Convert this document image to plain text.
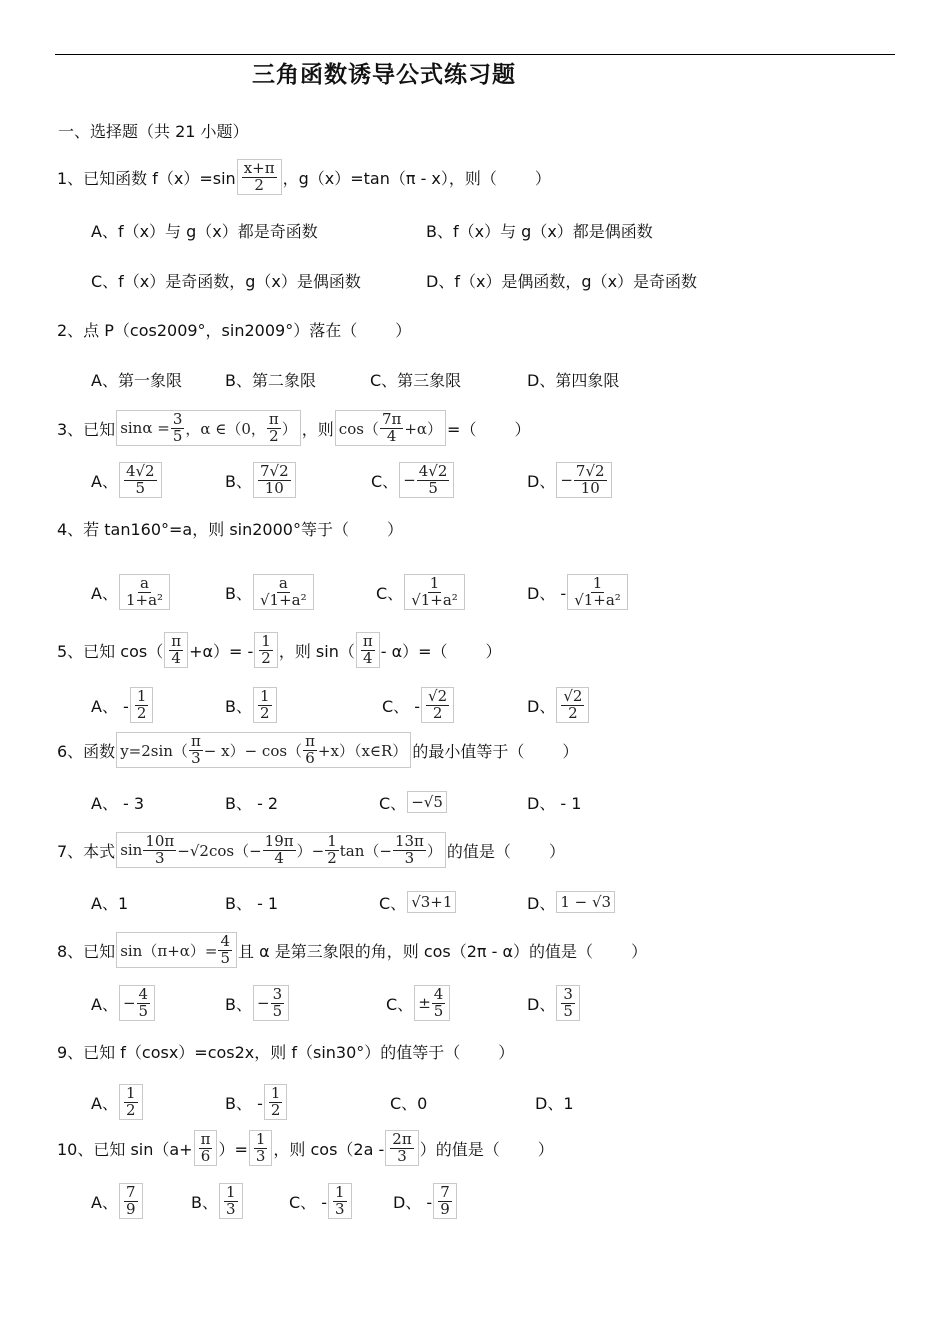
三角函数诱导公式练习题
一、选择题（共 21 小题）
1、已知函数 $f(x)=\sin \frac{x+\pi}{2}$ ，g（x）=tan（π - x），则（ ）
A、f（x）与 g（x）都是奇函数	B、f（x）与 g（x）都是偶函数
C、f（x）是奇函数，g（x）是偶函数	D、f（x）是偶函数，g（x）是奇函数
2、点 P（cos2009°，sin2009°）落在（ ）
A、第一象限	B、第二象限	C、第三象限	D、第四象限
3、已知 $\sin\alpha = \frac{3}{5}$ ，α ∈（0， $\frac{\pi}{2}$ ） ，则 $\cos( \frac{7\pi}{4} +\alpha)$ =（ ）
A、 $\frac{4√2}{5}$	B、 $\frac{7√2}{10}$	C、 − $\frac{4√2}{5}$	D、 − $\frac{7√2}{10}$
4、若 tan160°=a，则 sin2000°等于（ ）
A、 $\frac{a}{\text{1+a²}}$	B、 $\frac{a}{\text{√1+a²}}$	C、 $\frac{1}{\text{√1+a²}}$	D、 - $\frac{1}{\text{√1+a²}}$
5、已知 $\cos( \frac{\pi}{4} +\alpha)= - \frac{1}{2}$ ，则 $\sin( \frac{\pi}{4} - \alpha)=$（ ）
A、 - $\frac{1}{2}$	B、 $\frac{1}{2}$	C、 - $\frac{√2}{2}$	D、 $\frac{√2}{2}$
6、函数 $y=2\sin( \frac{\pi}{3} - x)- \cos( \frac{\pi}{6}$ +x）（x∈R） 的最小值等于（ ）
A、 - 3	B、 - 2	C、 −√5	D、 - 1
7、本式 $\sin \frac{10\pi}{3} -√2\cos(- \frac{19\pi}{4}$ ）− $\frac{1}{2} \tan(- \frac{13\pi}{3}$ ） 的值是（ ）
A、1	B、 - 1	C、 √3+1	D、 1 − √3
8、已知 $\sin(\pi+\alpha)= \frac{4}{5}$ 且 α 是第三象限的角，则 cos（2π - α）的值是（ ）
A、 − $\frac{4}{5}$	B、 − $\frac{3}{5}$	C、 ± $\frac{4}{5}$	D、 $\frac{3}{5}$
9、已知 f（cosx）=cos2x，则 f（sin30°）的值等于（ ）
A、 $\frac{1}{2}$	B、 - $\frac{1}{2}$	C、0	D、1
10、已知 $\sin(a+ \frac{\pi}{6}$ ）= $\frac{1}{3}$ ，则 $\cos(2a - \frac{2\pi}{3}$ ）的值是（ ）
A、 $\frac{7}{9}$	B、 $\frac{1}{3}$	C、 - $\frac{1}{3}$	D、 - $\frac{7}{9}$
